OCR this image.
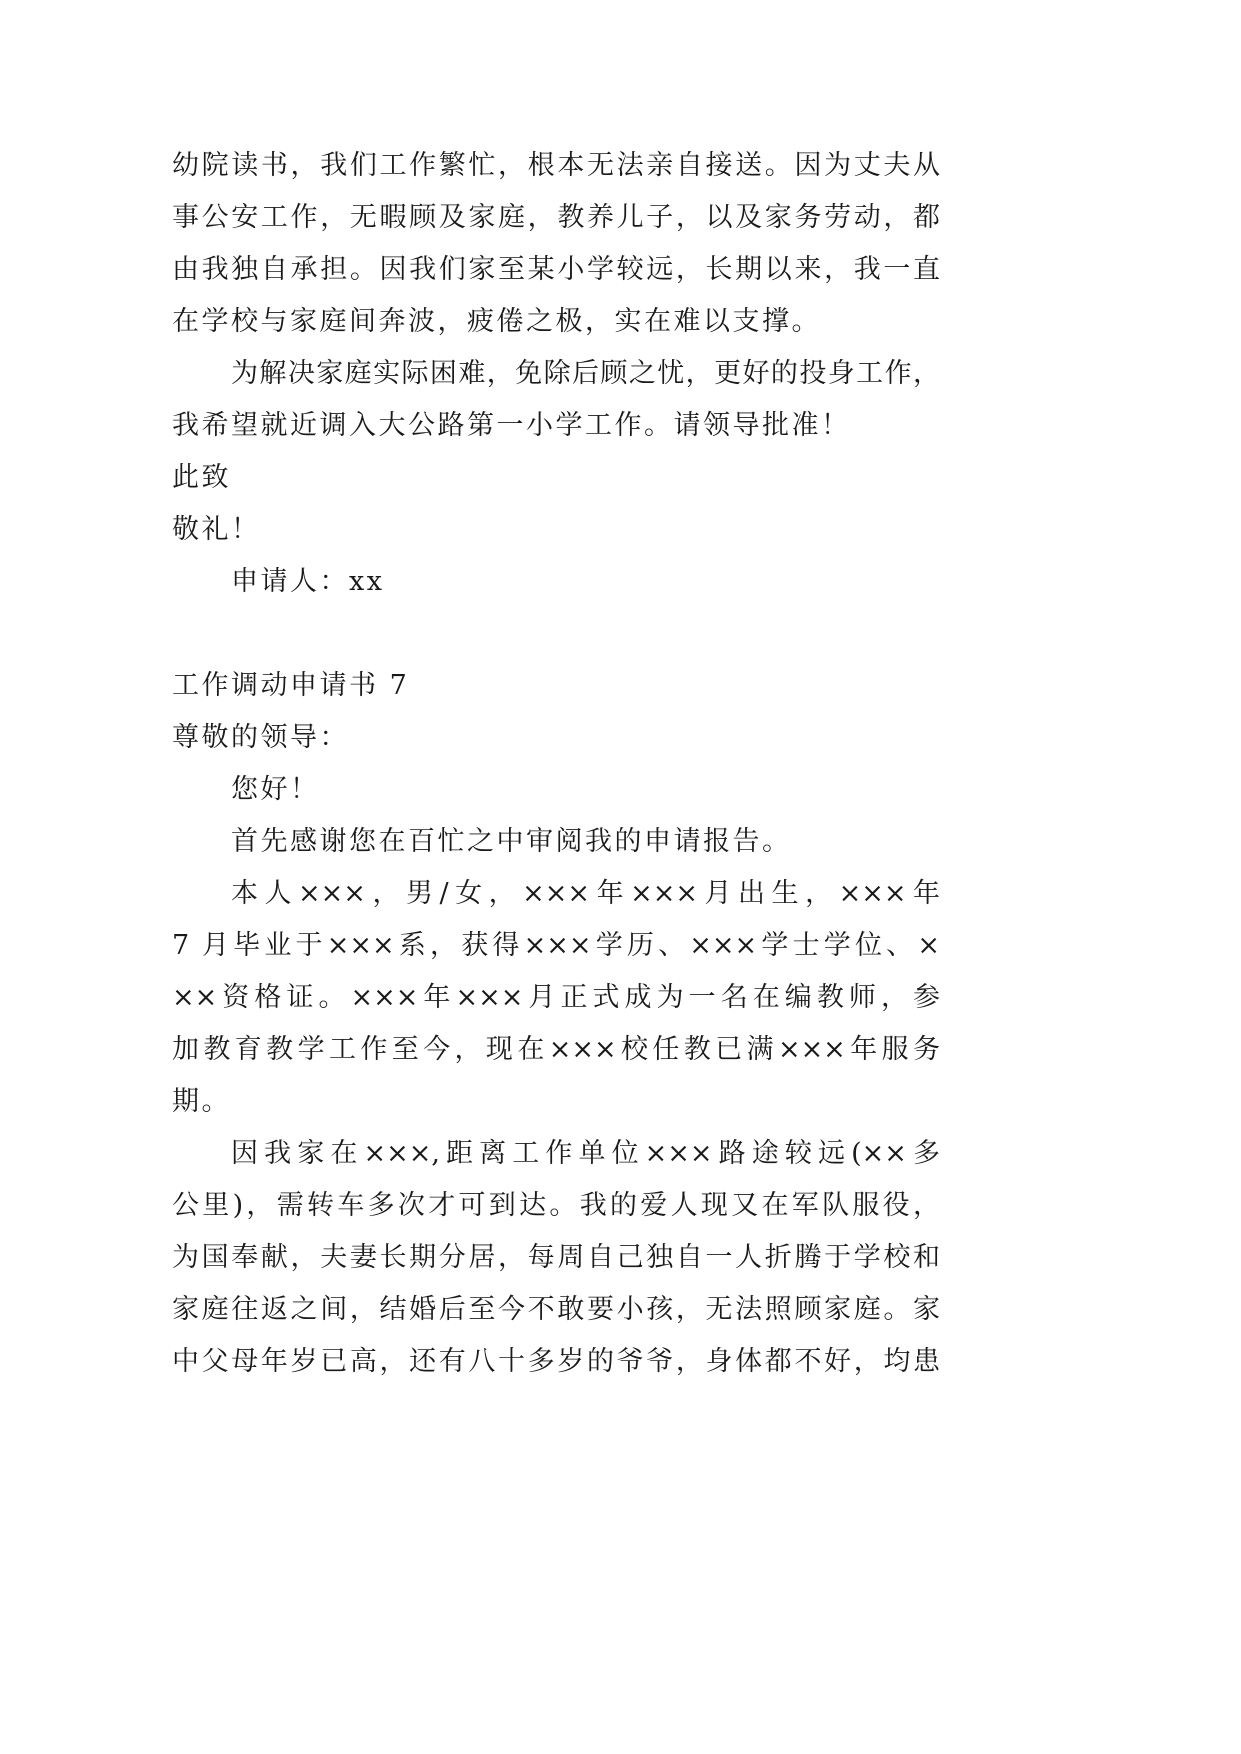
幼院读书，我们工作繁忙，根本无法亲自接送。因为丈夫从
事公安工作，无暇顾及家庭，教养儿子，以及家务劳动，都
由我独自承担。因我们家至某小学较远，长期以来，我一直
在学校与家庭间奔波，疲倦之极，实在难以支撑。
为解决家庭实际困难，免除后顾之忧，更好的投身工作，
我希望就近调入大公路第一小学工作。请领导批准！
此致
敬礼！
申请人：xx
工作调动申请书 7
尊敬的领导：
您好！
首先感谢您在百忙之中审阅我的申请报告。
本人×××，男/女，×××年×××月出生，×××年
7 月毕业于×××系，获得×××学历、×××学士学位、×
××资格证。×××年×××月正式成为一名在编教师，参
加教育教学工作至今，现在×××校任教已满×××年服务
期。
因我家在×××,距离工作单位×××路途较远(××多
公里)，需转车多次才可到达。我的爱人现又在军队服役，
为国奉献，夫妻长期分居，每周自己独自一人折腾于学校和
家庭往返之间，结婚后至今不敢要小孩，无法照顾家庭。家
中父母年岁已高，还有八十多岁的爷爷，身体都不好，均患
